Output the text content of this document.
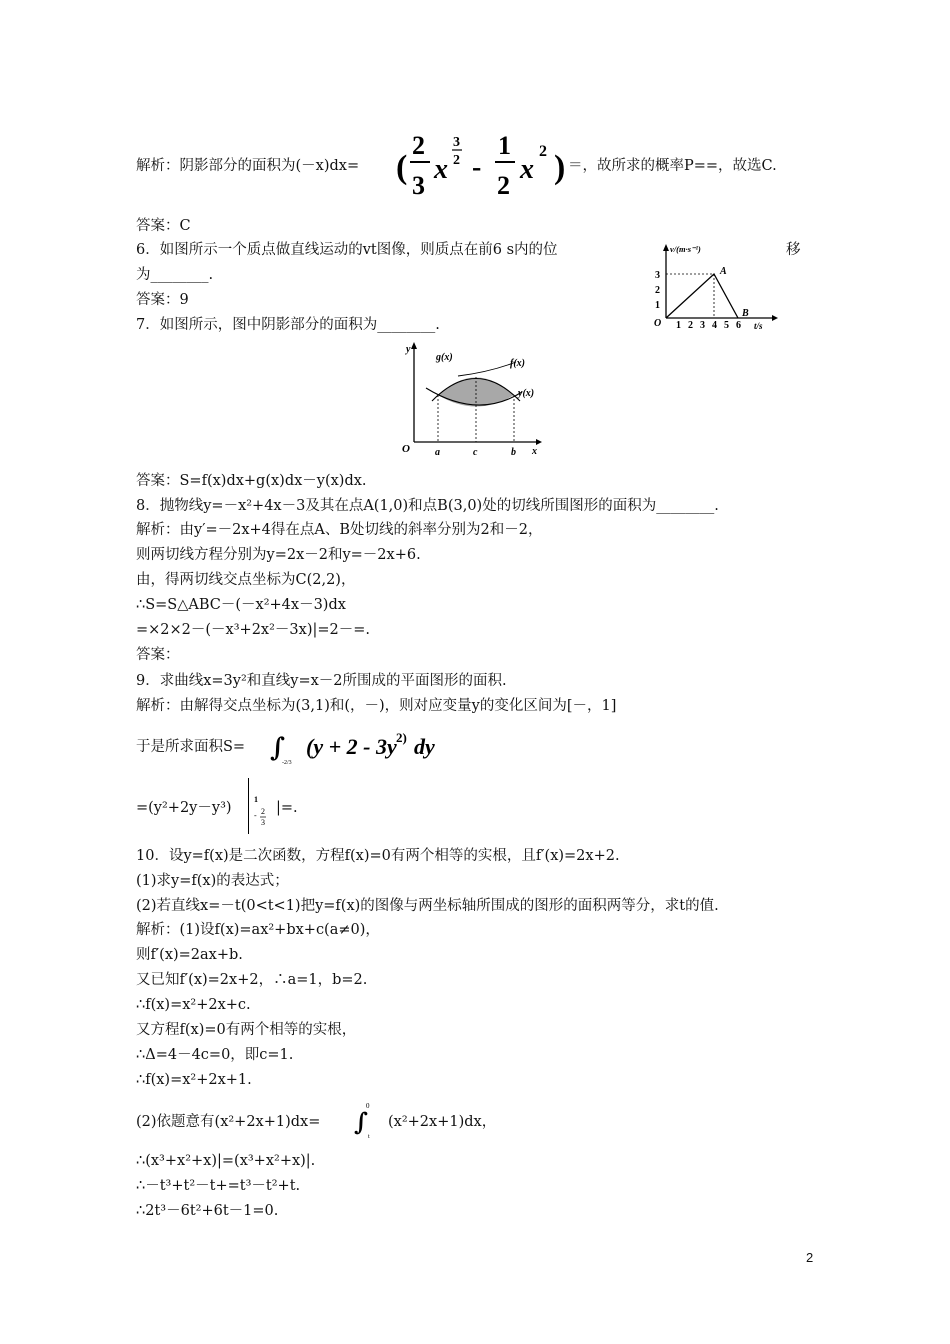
解析：阴影部分的面积为(－x)dx= (
2
3
x
3
2 -
1
2
x
2 ) ＝，故所求的概率P==，故选C.
答案：C
6．如图所示一个质点做直线运动的vt图像，则质点在前6 s内的位	移
为________.
答案：9
7．如图所示，图中阴影部分的面积为________.
v/(m·s⁻¹)
t/s
O 1 2 3 4 5 6
1
2
3	A
B
y
x
O
g(x)
f(x)
y(x)
a	c	b
答案：S=f(x)dx+g(x)dx－y(x)dx.
8．抛物线y=－x²+4x－3及其在点A(1,0)和点B(3,0)处的切线所围图形的面积为________.
解析：由y′=－2x+4得在点A、B处切线的斜率分别为2和－2，
则两切线方程分别为y=2x－2和y=－2x+6.
由，得两切线交点坐标为C(2,2)，
∴S=S△ABC－(－x²+4x－3)dx
=×2×2－(－x³+2x²－3x)|=2－=.
答案：
9．求曲线x=3y²和直线y=x－2所围成的平面图形的面积.
解析：由解得交点坐标为(3,1)和(，－)，则对应变量y的变化区间为[－，1]
于是所求面积S= ∫
-2/3
(y + 2 - 3y 2) dy
=(y²+2y－y³)
1
- 2
3
|=.
10．设y=f(x)是二次函数，方程f(x)=0有两个相等的实根，且f′(x)=2x+2.
(1)求y=f(x)的表达式；
(2)若直线x=－t(0<t<1)把y=f(x)的图像与两坐标轴所围成的图形的面积两等分，求t的值.
解析：(1)设f(x)=ax²+bx+c(a≠0)，
则f′(x)=2ax+b.
又已知f′(x)=2x+2，∴a=1，b=2.
∴f(x)=x²+2x+c.
又方程f(x)=0有两个相等的实根，
∴Δ=4－4c=0，即c=1.
∴f(x)=x²+2x+1.
(2)依题意有(x²+2x+1)dx= ∫
0
t
(x²+2x+1)dx，
∴(x³+x²+x)|=(x³+x²+x)|.
∴－t³+t²－t+=t³－t²+t.
∴2t³－6t²+6t－1=0.
2
